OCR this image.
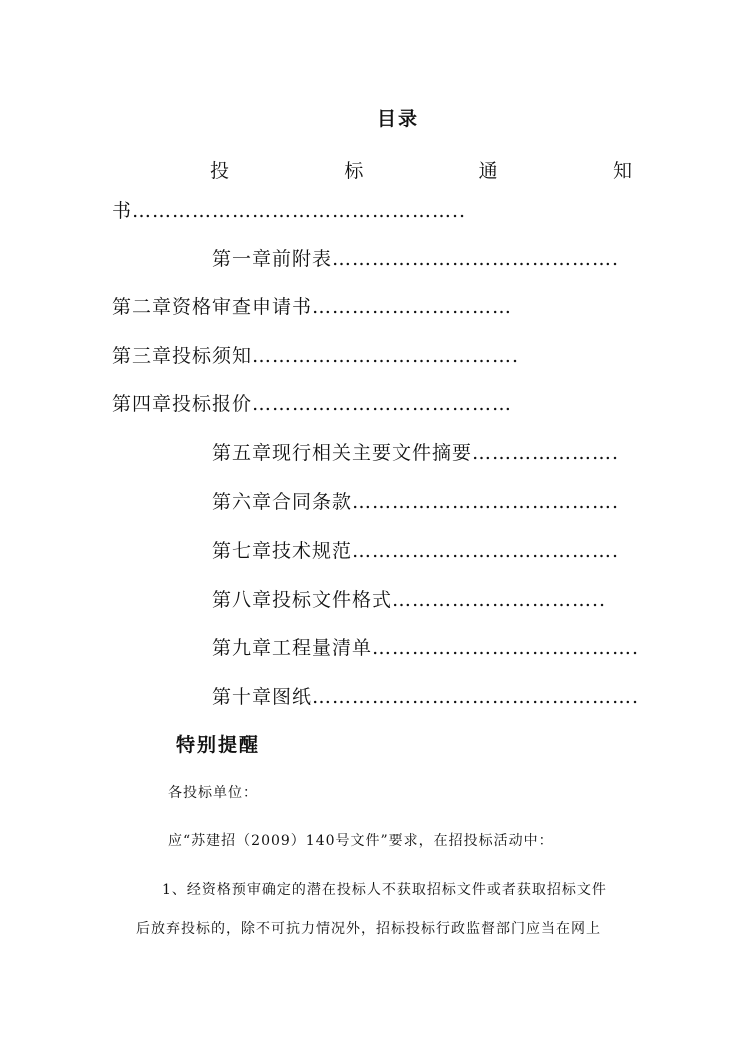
目录
投	标	通	知
书…………………………………………..
第一章前附表…………………………………….
第二章资格审查申请书…………………………
第三章投标须知………………………………….
第四章投标报价…………………………………
第五章现行相关主要文件摘要………………….
第六章合同条款………………………………….
第七章技术规范………………………………….
第八章投标文件格式…………………………..
第九章工程量清单………………………………….
第十章图纸………………………………………….
特别提醒
各投标单位：
应“苏建招（2009）140号文件”要求，在招投标活动中：
1、经资格预审确定的潜在投标人不获取招标文件或者获取招标文件
后放弃投标的，除不可抗力情况外，招标投标行政监督部门应当在网上
